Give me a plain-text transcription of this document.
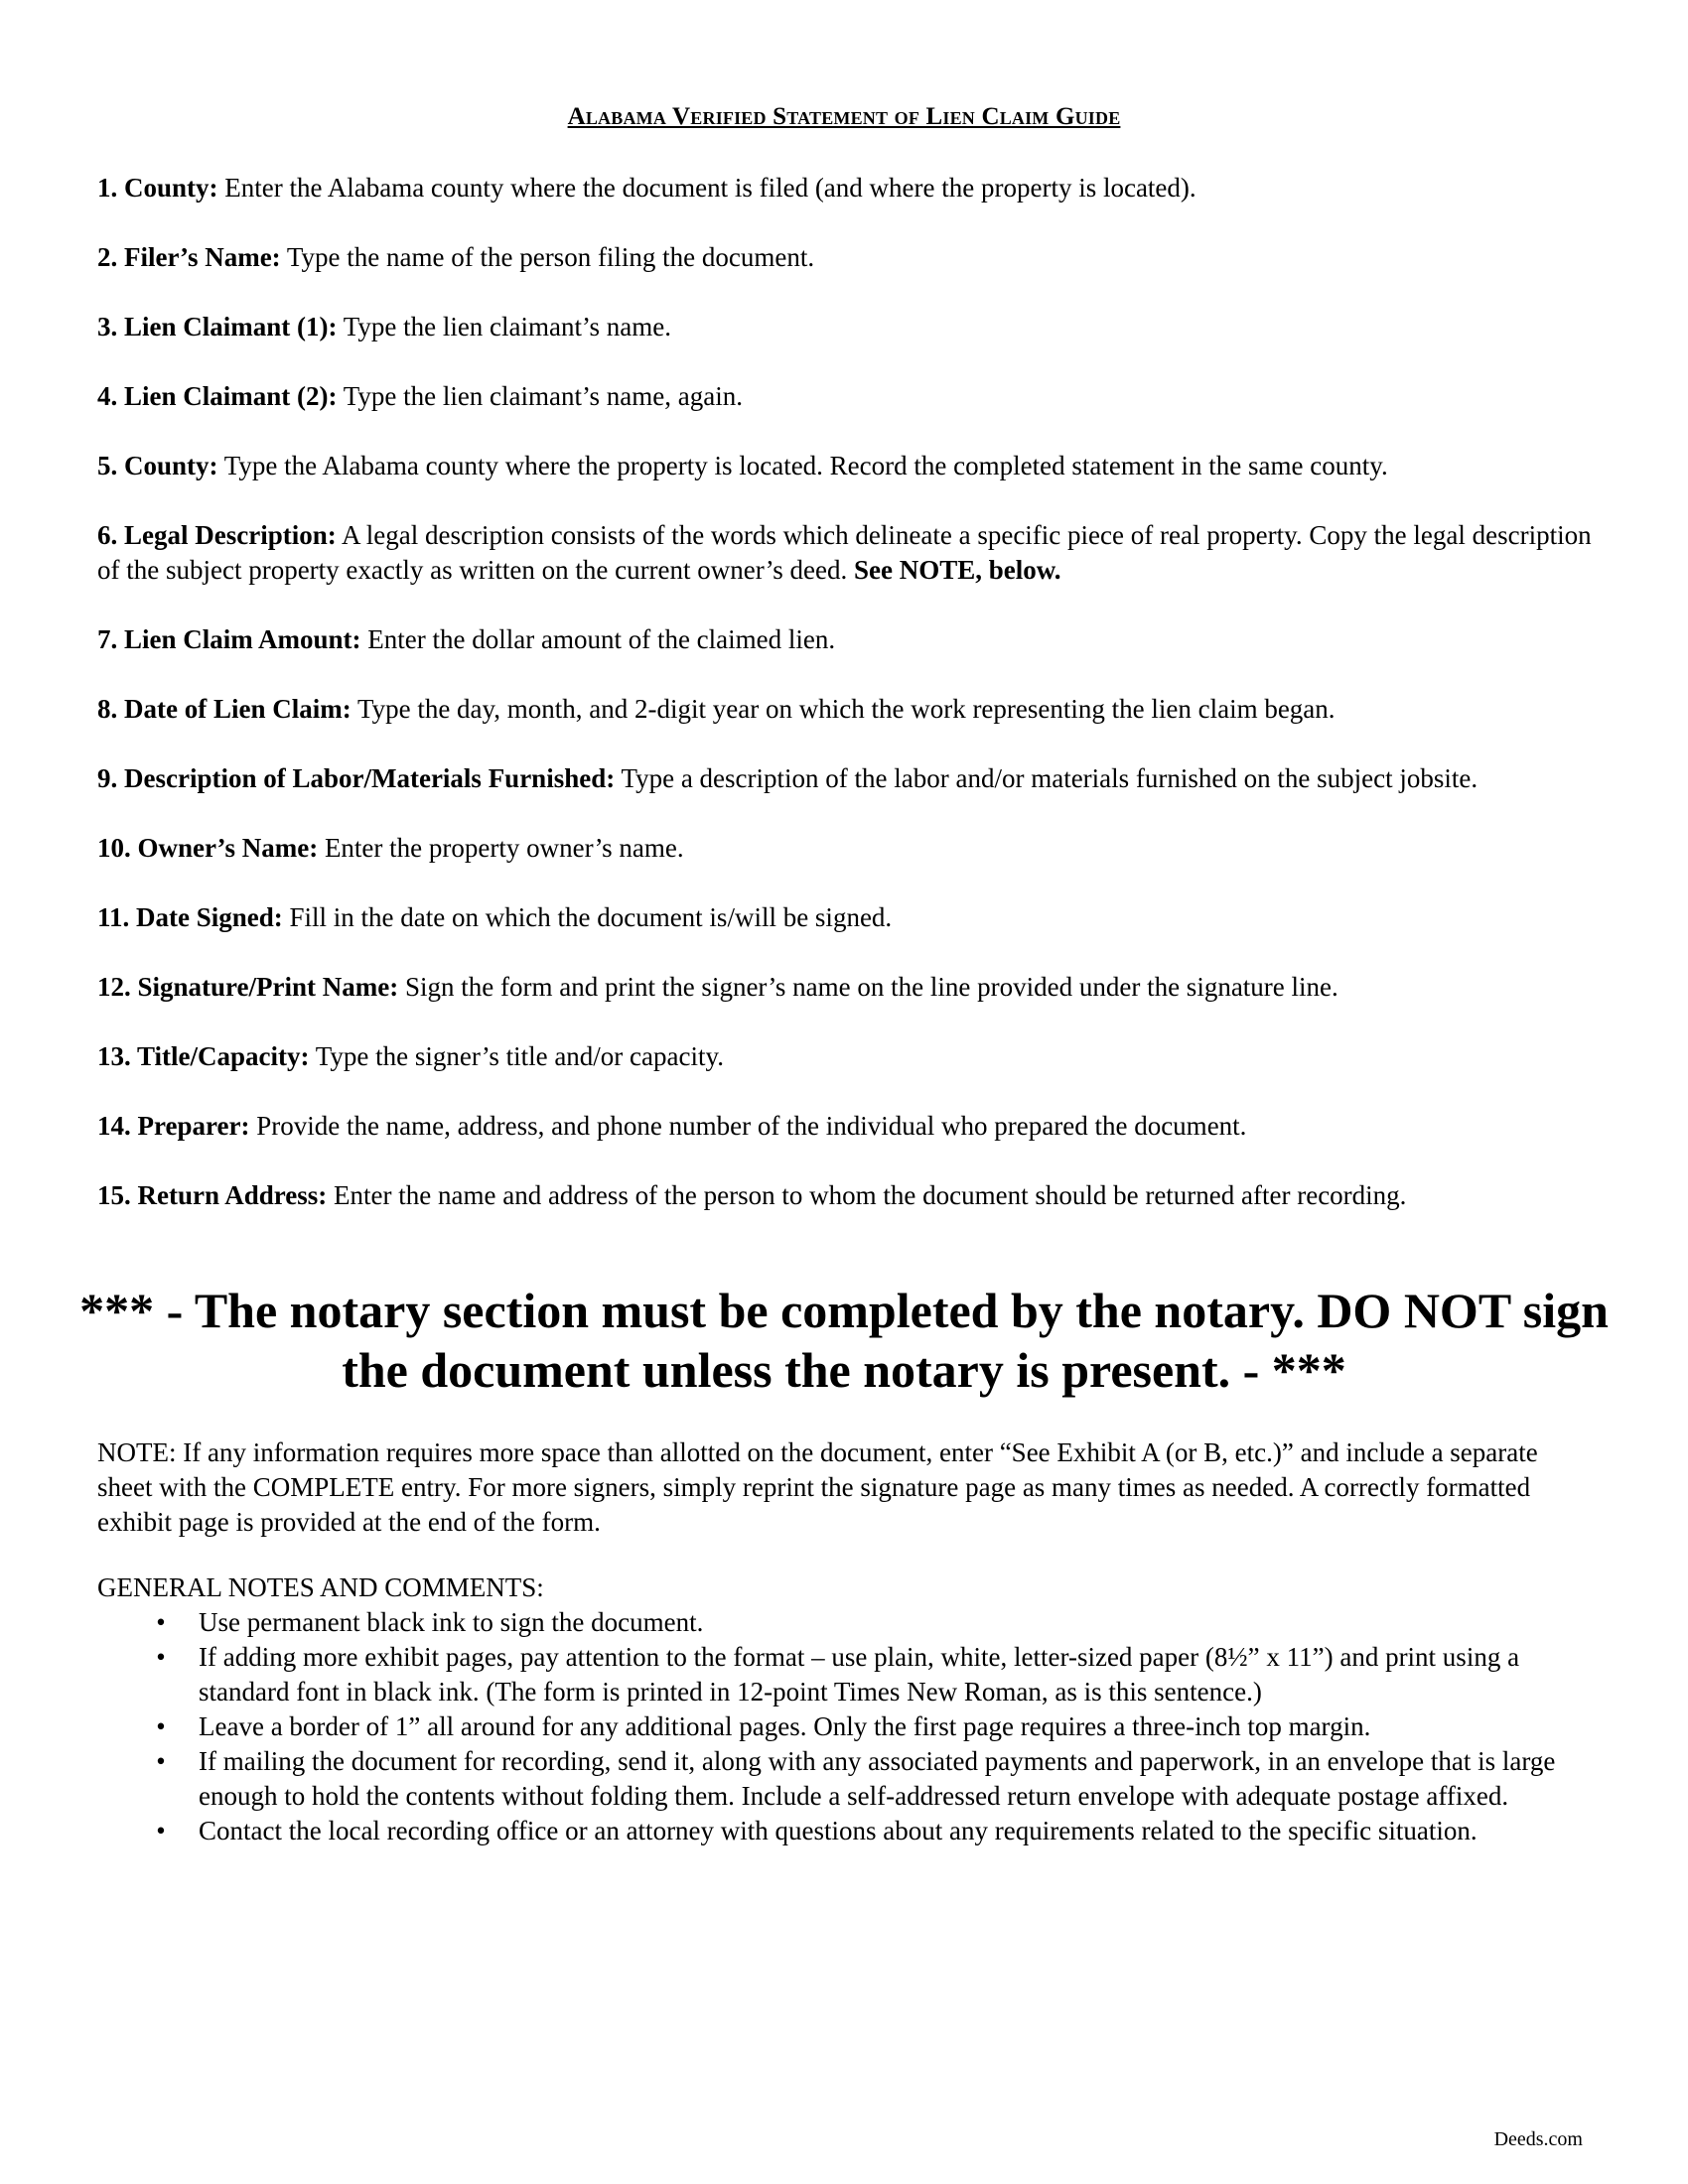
Alabama Verified Statement of Lien Claim Guide

1. County: Enter the Alabama county where the document is filed (and where the property is located).

2. Filer’s Name: Type the name of the person filing the document.

3. Lien Claimant (1): Type the lien claimant’s name.

4. Lien Claimant (2): Type the lien claimant’s name, again.

5. County: Type the Alabama county where the property is located. Record the completed statement in the same county.

6. Legal Description: A legal description consists of the words which delineate a specific piece of real property. Copy the legal description of the subject property exactly as written on the current owner’s deed. See NOTE, below.

7. Lien Claim Amount: Enter the dollar amount of the claimed lien.

8. Date of Lien Claim: Type the day, month, and 2-digit year on which the work representing the lien claim began.

9. Description of Labor/Materials Furnished: Type a description of the labor and/or materials furnished on the subject jobsite.

10. Owner’s Name: Enter the property owner’s name.

11. Date Signed: Fill in the date on which the document is/will be signed.

12. Signature/Print Name: Sign the form and print the signer’s name on the line provided under the signature line.

13. Title/Capacity: Type the signer’s title and/or capacity.

14. Preparer: Provide the name, address, and phone number of the individual who prepared the document.

15. Return Address: Enter the name and address of the person to whom the document should be returned after recording.

*** - The notary section must be completed by the notary. DO NOT sign the document unless the notary is present. - ***
NOTE: If any information requires more space than allotted on the document, enter “See Exhibit A (or B, etc.)” and include a separate sheet with the COMPLETE entry. For more signers, simply reprint the signature page as many times as needed. A correctly formatted exhibit page is provided at the end of the form.
GENERAL NOTES AND COMMENTS:
• Use permanent black ink to sign the document.
• If adding more exhibit pages, pay attention to the format – use plain, white, letter-sized paper (8½” x 11”) and print using a standard font in black ink. (The form is printed in 12-point Times New Roman, as is this sentence.)
• Leave a border of 1” all around for any additional pages. Only the first page requires a three-inch top margin.
• If mailing the document for recording, send it, along with any associated payments and paperwork, in an envelope that is large enough to hold the contents without folding them. Include a self-addressed return envelope with adequate postage affixed.
• Contact the local recording office or an attorney with questions about any requirements related to the specific situation.
Deeds.com
